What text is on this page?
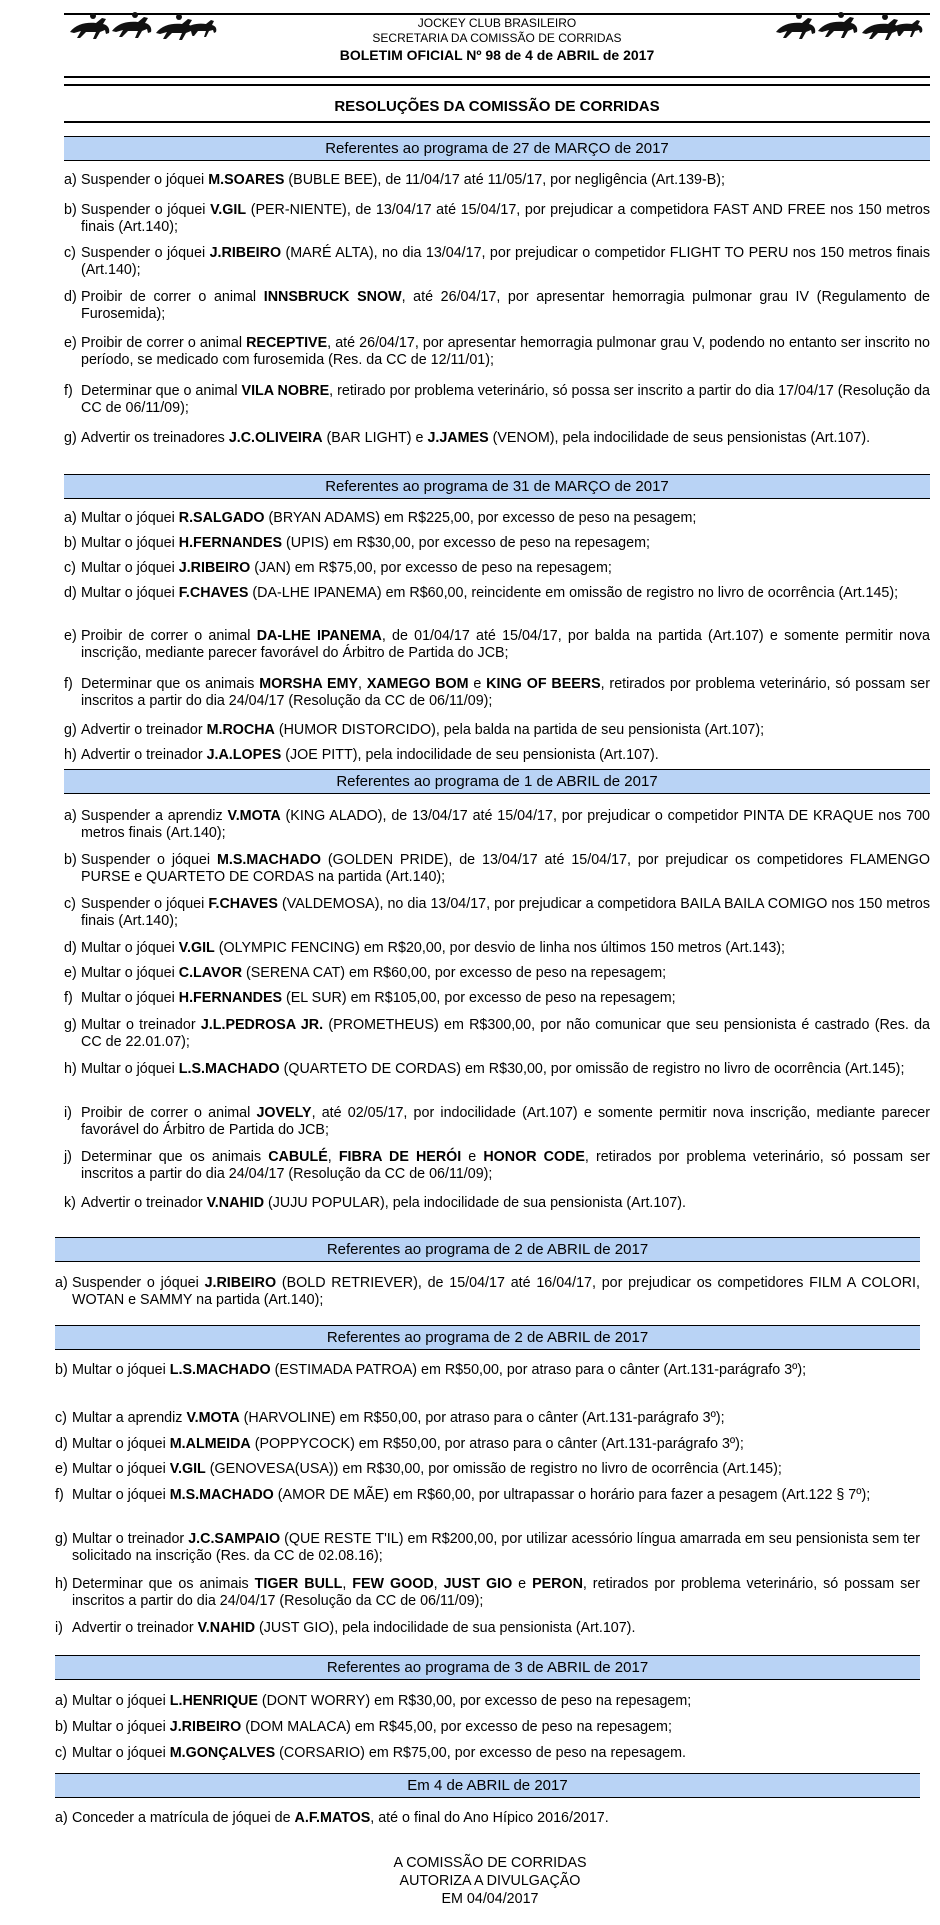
JOCKEY CLUB BRASILEIRO
SECRETARIA DA COMISSÃO DE CORRIDAS
BOLETIM OFICIAL Nº 98 de 4 de ABRIL de 2017
RESOLUÇÕES DA COMISSÃO DE CORRIDAS
Referentes ao programa de 27 de MARÇO de 2017
a) Suspender o jóquei M.SOARES (BUBLE BEE), de 11/04/17 até 11/05/17, por negligência (Art.139-B);
b) Suspender o jóquei V.GIL (PER-NIENTE), de 13/04/17 até 15/04/17, por prejudicar a competidora FAST AND FREE nos 150 metros finais (Art.140);
c) Suspender o jóquei J.RIBEIRO (MARÉ ALTA), no dia 13/04/17, por prejudicar o competidor FLIGHT TO PERU nos 150 metros finais (Art.140);
d) Proibir de correr o animal INNSBRUCK SNOW, até 26/04/17, por apresentar hemorragia pulmonar grau IV (Regulamento de Furosemida);
e) Proibir de correr o animal RECEPTIVE, até 26/04/17, por apresentar hemorragia pulmonar grau V, podendo no entanto ser inscrito no período, se medicado com furosemida (Res. da CC de 12/11/01);
f) Determinar que o animal VILA NOBRE, retirado por problema veterinário, só possa ser inscrito a partir do dia 17/04/17 (Resolução da CC de 06/11/09);
g) Advertir os treinadores J.C.OLIVEIRA (BAR LIGHT) e J.JAMES (VENOM), pela indocilidade de seus pensionistas (Art.107).
Referentes ao programa de 31 de MARÇO de 2017
a) Multar o jóquei R.SALGADO (BRYAN ADAMS) em R$225,00, por excesso de peso na pesagem;
b) Multar o jóquei H.FERNANDES (UPIS) em R$30,00, por excesso de peso na repesagem;
c) Multar o jóquei J.RIBEIRO (JAN) em R$75,00, por excesso de peso na repesagem;
d) Multar o jóquei F.CHAVES (DA-LHE IPANEMA) em R$60,00, reincidente em omissão de registro no livro de ocorrência (Art.145);
e) Proibir de correr o animal DA-LHE IPANEMA, de 01/04/17 até 15/04/17, por balda na partida (Art.107) e somente permitir nova inscrição, mediante parecer favorável do Árbitro de Partida do JCB;
f) Determinar que os animais MORSHA EMY, XAMEGO BOM e KING OF BEERS, retirados por problema veterinário, só possam ser inscritos a partir do dia 24/04/17 (Resolução da CC de 06/11/09);
g) Advertir o treinador M.ROCHA (HUMOR DISTORCIDO), pela balda na partida de seu pensionista (Art.107);
h) Advertir o treinador J.A.LOPES (JOE PITT), pela indocilidade de seu pensionista (Art.107).
Referentes ao programa de 1 de ABRIL de 2017
a) Suspender a aprendiz V.MOTA (KING ALADO), de 13/04/17 até 15/04/17, por prejudicar o competidor PINTA DE KRAQUE nos 700 metros finais (Art.140);
b) Suspender o jóquei M.S.MACHADO (GOLDEN PRIDE), de 13/04/17 até 15/04/17, por prejudicar os competidores FLAMENGO PURSE e QUARTETO DE CORDAS na partida (Art.140);
c) Suspender o jóquei F.CHAVES (VALDEMOSA), no dia 13/04/17, por prejudicar a competidora BAILA BAILA COMIGO nos 150 metros finais (Art.140);
d) Multar o jóquei V.GIL (OLYMPIC FENCING) em R$20,00, por desvio de linha nos últimos 150 metros (Art.143);
e) Multar o jóquei C.LAVOR (SERENA CAT) em R$60,00, por excesso de peso na repesagem;
f) Multar o jóquei H.FERNANDES (EL SUR) em R$105,00, por excesso de peso na repesagem;
g) Multar o treinador J.L.PEDROSA JR. (PROMETHEUS) em R$300,00, por não comunicar que seu pensionista é castrado (Res. da CC de 22.01.07);
h) Multar o jóquei L.S.MACHADO (QUARTETO DE CORDAS) em R$30,00, por omissão de registro no livro de ocorrência (Art.145);
i) Proibir de correr o animal JOVELY, até 02/05/17, por indocilidade (Art.107) e somente permitir nova inscrição, mediante parecer favorável do Árbitro de Partida do JCB;
j) Determinar que os animais CABULÉ, FIBRA DE HERÓI e HONOR CODE, retirados por problema veterinário, só possam ser inscritos a partir do dia 24/04/17 (Resolução da CC de 06/11/09);
k) Advertir o treinador V.NAHID (JUJU POPULAR), pela indocilidade de sua pensionista (Art.107).
Referentes ao programa de 2 de ABRIL de 2017
a) Suspender o jóquei J.RIBEIRO (BOLD RETRIEVER), de 15/04/17 até 16/04/17, por prejudicar os competidores FILM A COLORI, WOTAN e SAMMY na partida (Art.140);
Referentes ao programa de 2 de ABRIL de 2017
b) Multar o jóquei L.S.MACHADO (ESTIMADA PATROA) em R$50,00, por atraso para o cânter (Art.131-parágrafo 3º);
c) Multar a aprendiz V.MOTA (HARVOLINE) em R$50,00, por atraso para o cânter (Art.131-parágrafo 3º);
d) Multar o jóquei M.ALMEIDA (POPPYCOCK) em R$50,00, por atraso para o cânter (Art.131-parágrafo 3º);
e) Multar o jóquei V.GIL (GENOVESA(USA)) em R$30,00, por omissão de registro no livro de ocorrência (Art.145);
f) Multar o jóquei M.S.MACHADO (AMOR DE MÃE) em R$60,00, por ultrapassar o horário para fazer a pesagem (Art.122 § 7º);
g) Multar o treinador J.C.SAMPAIO (QUE RESTE T'IL) em R$200,00, por utilizar acessório língua amarrada em seu pensionista sem ter solicitado na inscrição (Res. da CC de 02.08.16);
h) Determinar que os animais TIGER BULL, FEW GOOD, JUST GIO e PERON, retirados por problema veterinário, só possam ser inscritos a partir do dia 24/04/17 (Resolução da CC de 06/11/09);
i) Advertir o treinador V.NAHID (JUST GIO), pela indocilidade de sua pensionista (Art.107).
Referentes ao programa de 3 de ABRIL de 2017
a) Multar o jóquei L.HENRIQUE (DONT WORRY) em R$30,00, por excesso de peso na repesagem;
b) Multar o jóquei J.RIBEIRO (DOM MALACA) em R$45,00, por excesso de peso na repesagem;
c) Multar o jóquei M.GONÇALVES (CORSARIO) em R$75,00, por excesso de peso na repesagem.
Em 4 de ABRIL de 2017
a) Conceder a matrícula de jóquei de A.F.MATOS, até o final do Ano Hípico 2016/2017.
A COMISSÃO DE CORRIDAS
AUTORIZA A DIVULGAÇÃO
EM 04/04/2017
